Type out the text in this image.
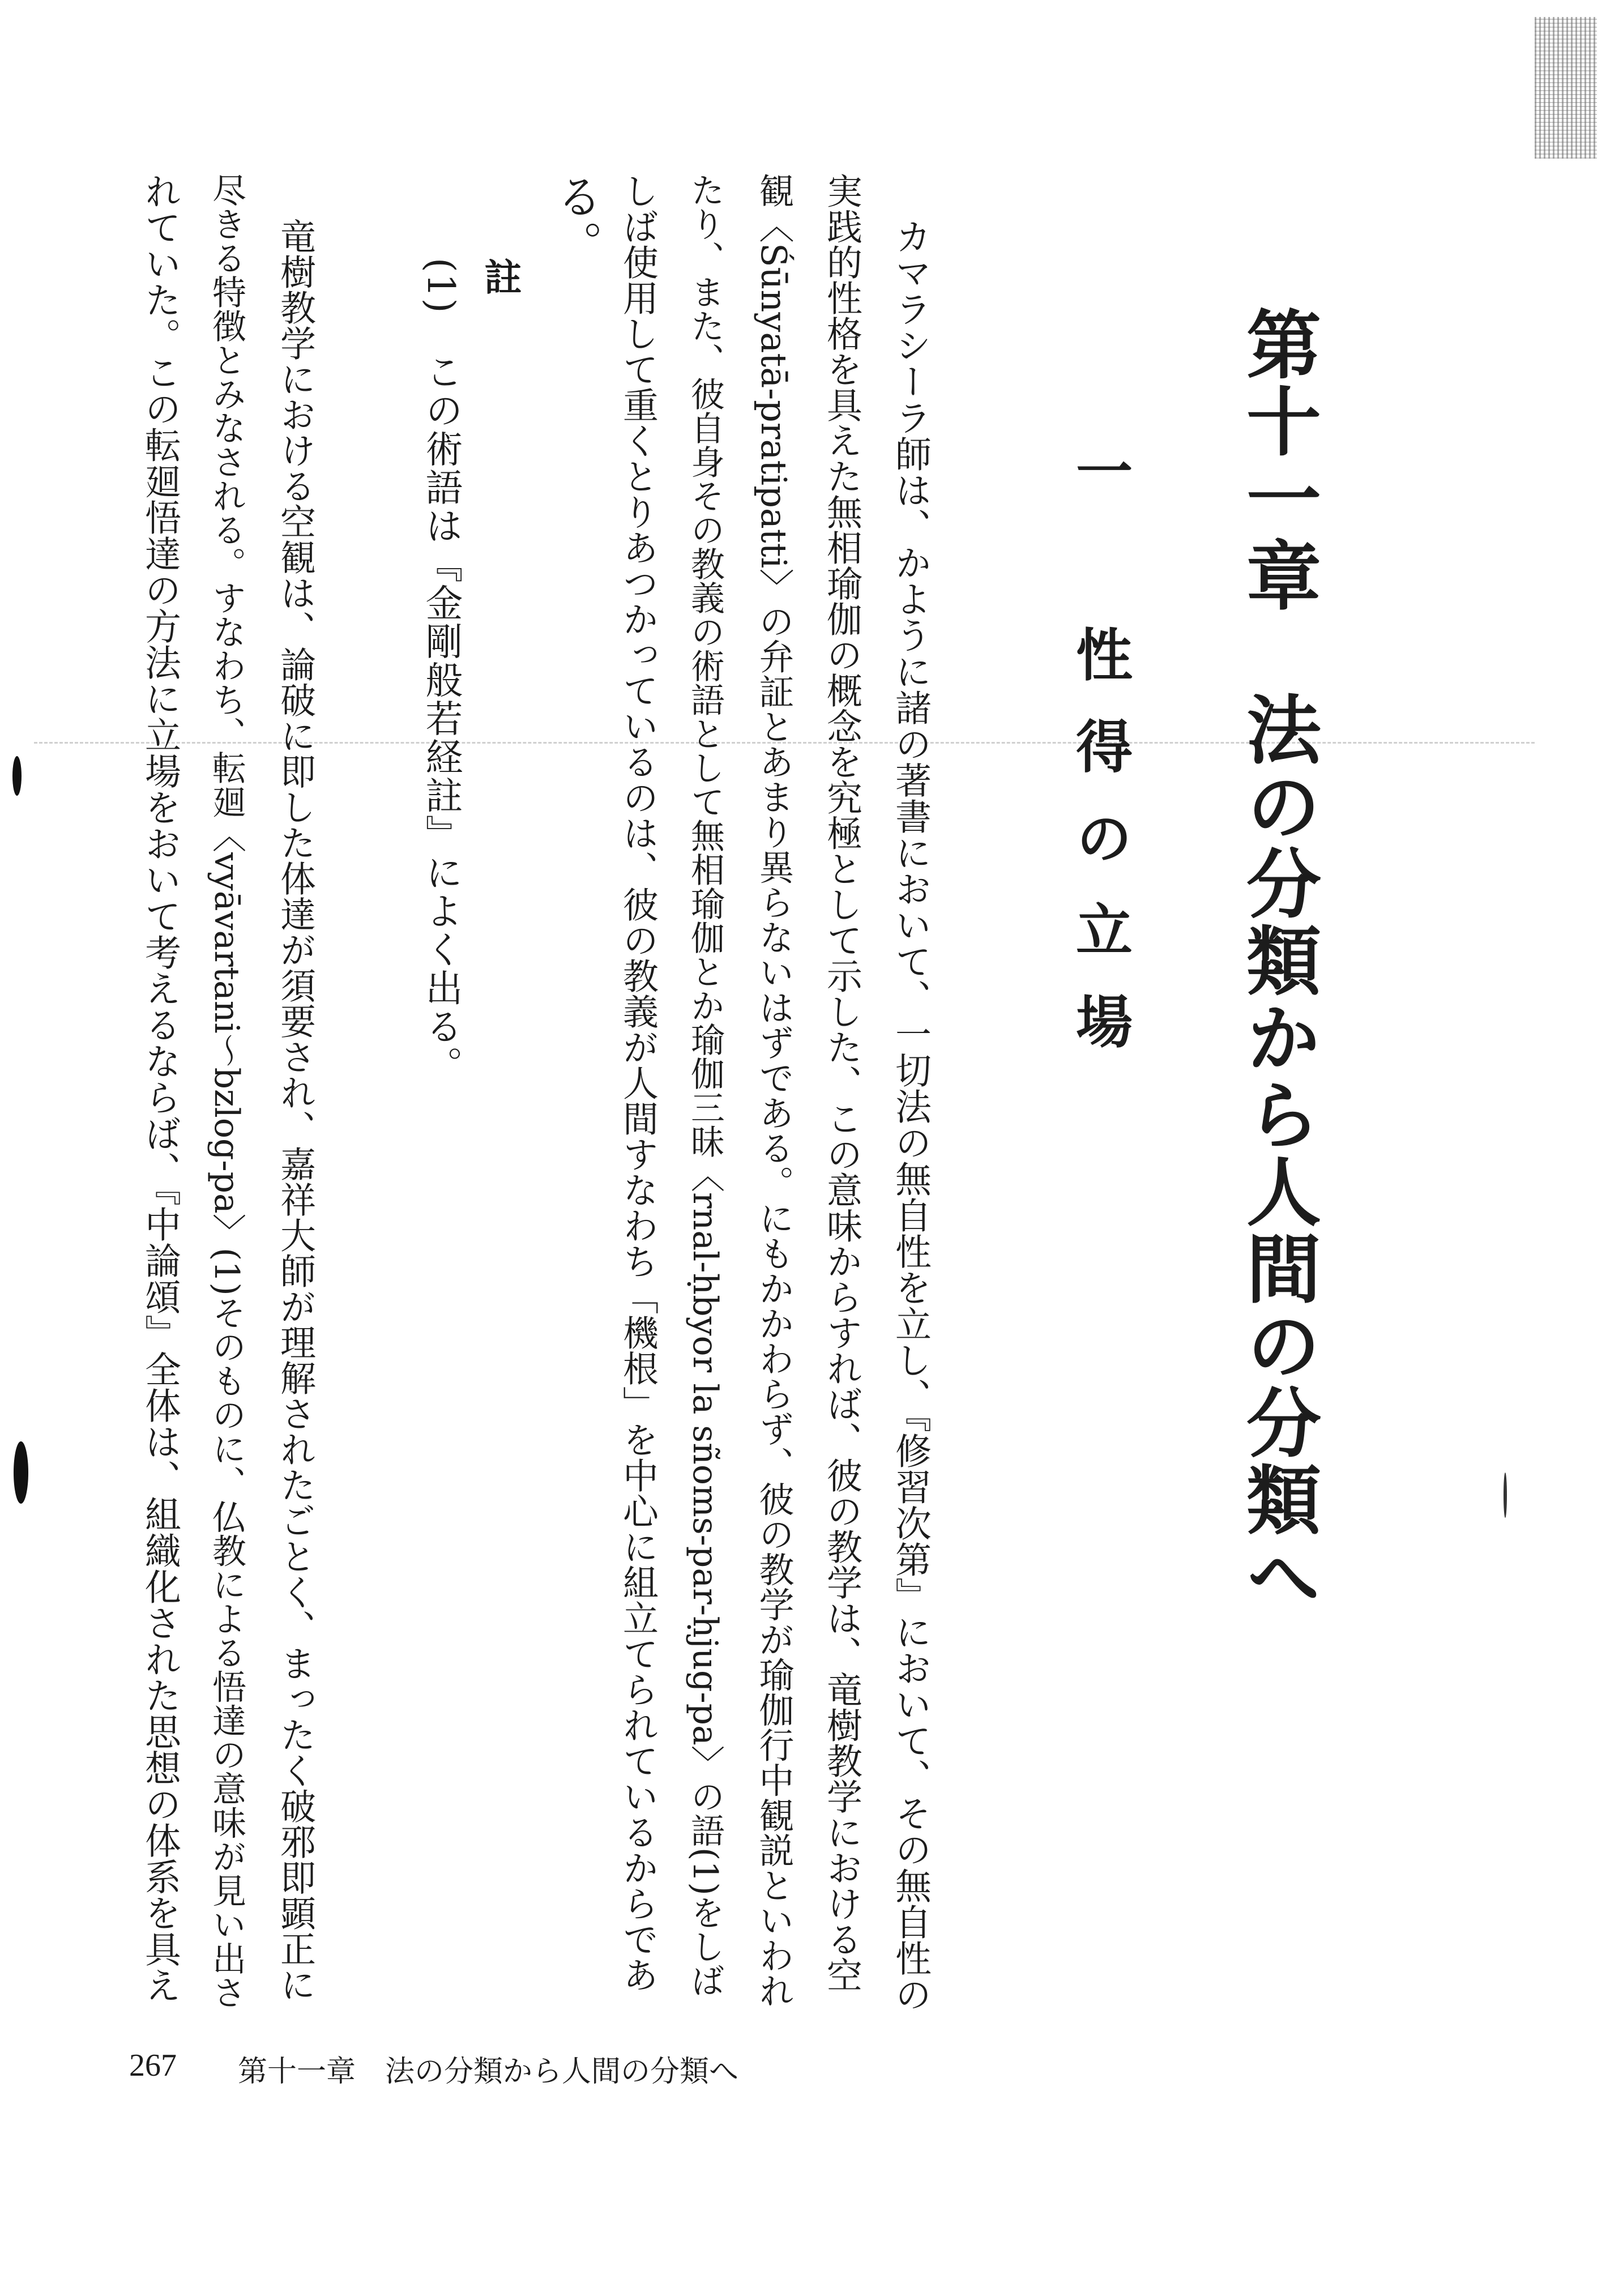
第十一章　法の分類から人間の分類へ
一　性得の立場
カマラシーラ師は、かように諸の著書において、一切法の無自性を立し、『修習次第』において、その無自性の
実践的性格を具えた無相瑜伽の概念を究極として示した、この意味からすれば、彼の教学は、竜樹教学における空
観〈Śūnyatā-pratipatti〉の弁証とあまり異らないはずである。にもかかわらず、彼の教学が瑜伽行中観説といわれ
たり、また、彼自身その教義の術語として無相瑜伽とか瑜伽三昧〈rnal-ḥbyor la sñoms-par-ḥjug-pa〉の語(1)をしば
しば使用して重くとりあつかっているのは、彼の教義が人間すなわち「機根」を中心に組立てられているからであ
る。
註
(1)　この術語は『金剛般若経註』によく出る。
竜樹教学における空観は、論破に即した体達が須要され、嘉祥大師が理解されたごとく、まったく破邪即顕正に
尽きる特徴とみなされる。すなわち、転廻〈vyāvartani～bzlog-pa〉(1)そのものに、仏教による悟達の意味が見い出さ
れていた。この転廻悟達の方法に立場をおいて考えるならば、『中論頌』全体は、組織化された思想の体系を具え
267 第十一章　法の分類から人間の分類へ
